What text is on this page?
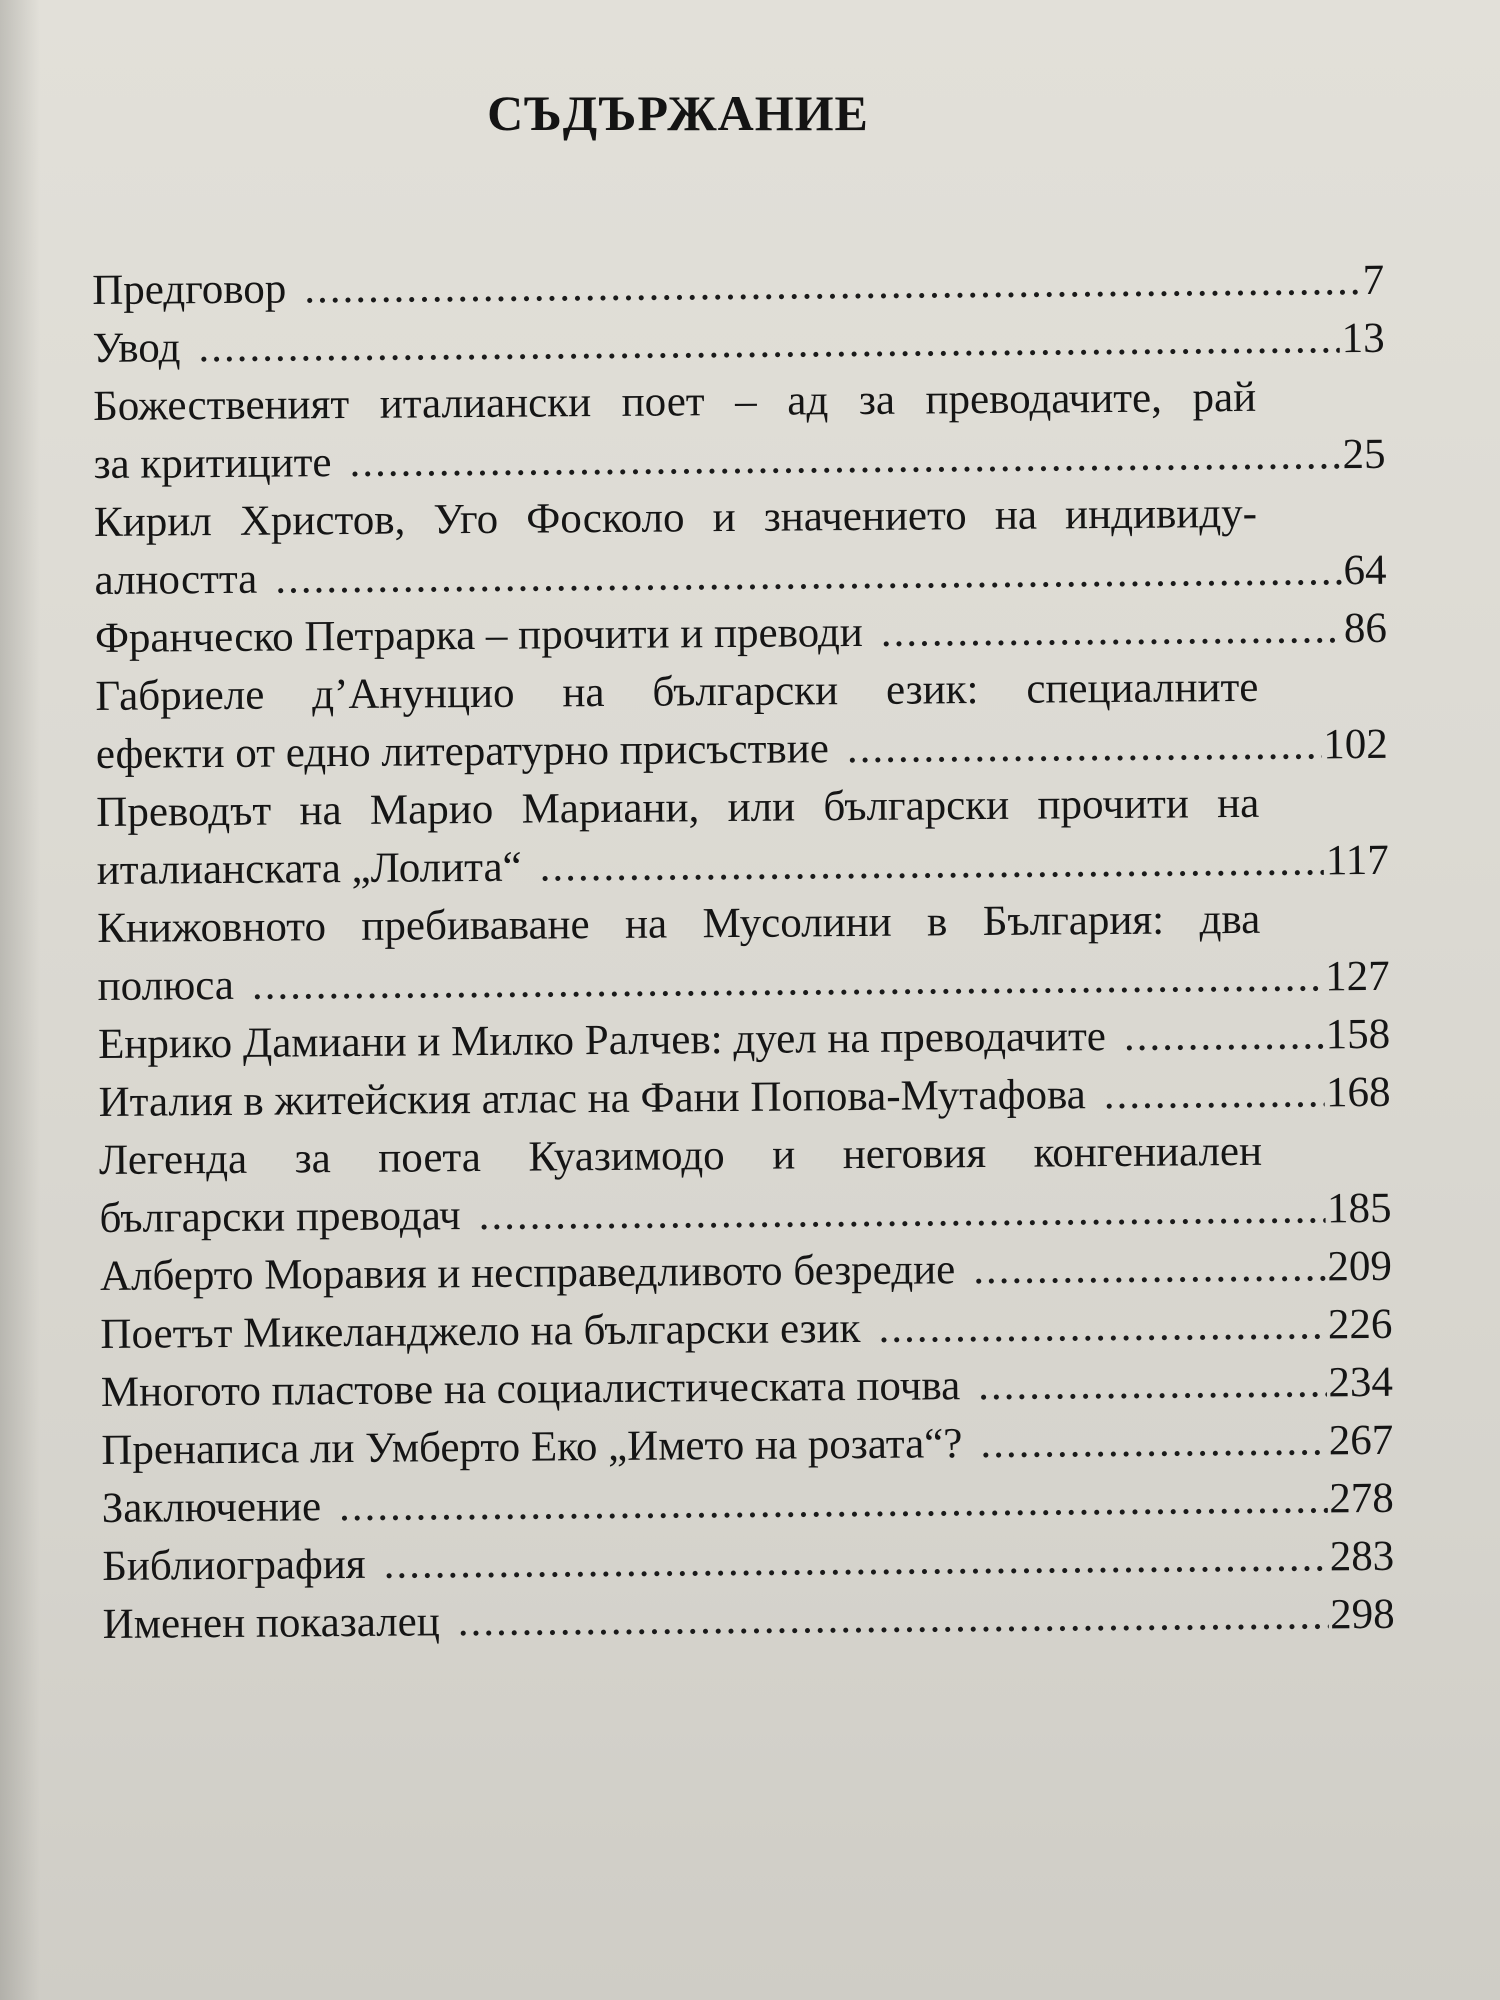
СЪДЪРЖАНИЕ
Предговор .....	7
Увод .....	13
Божественият италиански поет – ад за преводачите, рай
за критиците .....	25
Кирил Христов, Уго Фосколо и значението на индивиду-
алността .....	64
Франческо Петрарка – прочити и преводи .....	86
Габриеле д’Анунцио на български език: специалните
ефекти от едно литературно присъствие .....	102
Преводът на Марио Мариани, или български прочити на
италианската „Лолита“ .....	117
Книжовното пребиваване на Мусолини в България: два
полюса .....	127
Енрико Дамиани и Милко Ралчев: дуел на преводачите .....	158
Италия в житейския атлас на Фани Попова-Мутафова .....	168
Легенда за поета Куазимодо и неговия конгениален
български преводач .....	185
Алберто Моравия и несправедливото безредие .....	209
Поетът Микеланджело на български език .....	226
Многото пластове на социалистическата почва .....	234
Пренаписа ли Умберто Еко „Името на розата“? .....	267
Заключение .....	278
Библиография .....	283
Именен показалец .....	298
